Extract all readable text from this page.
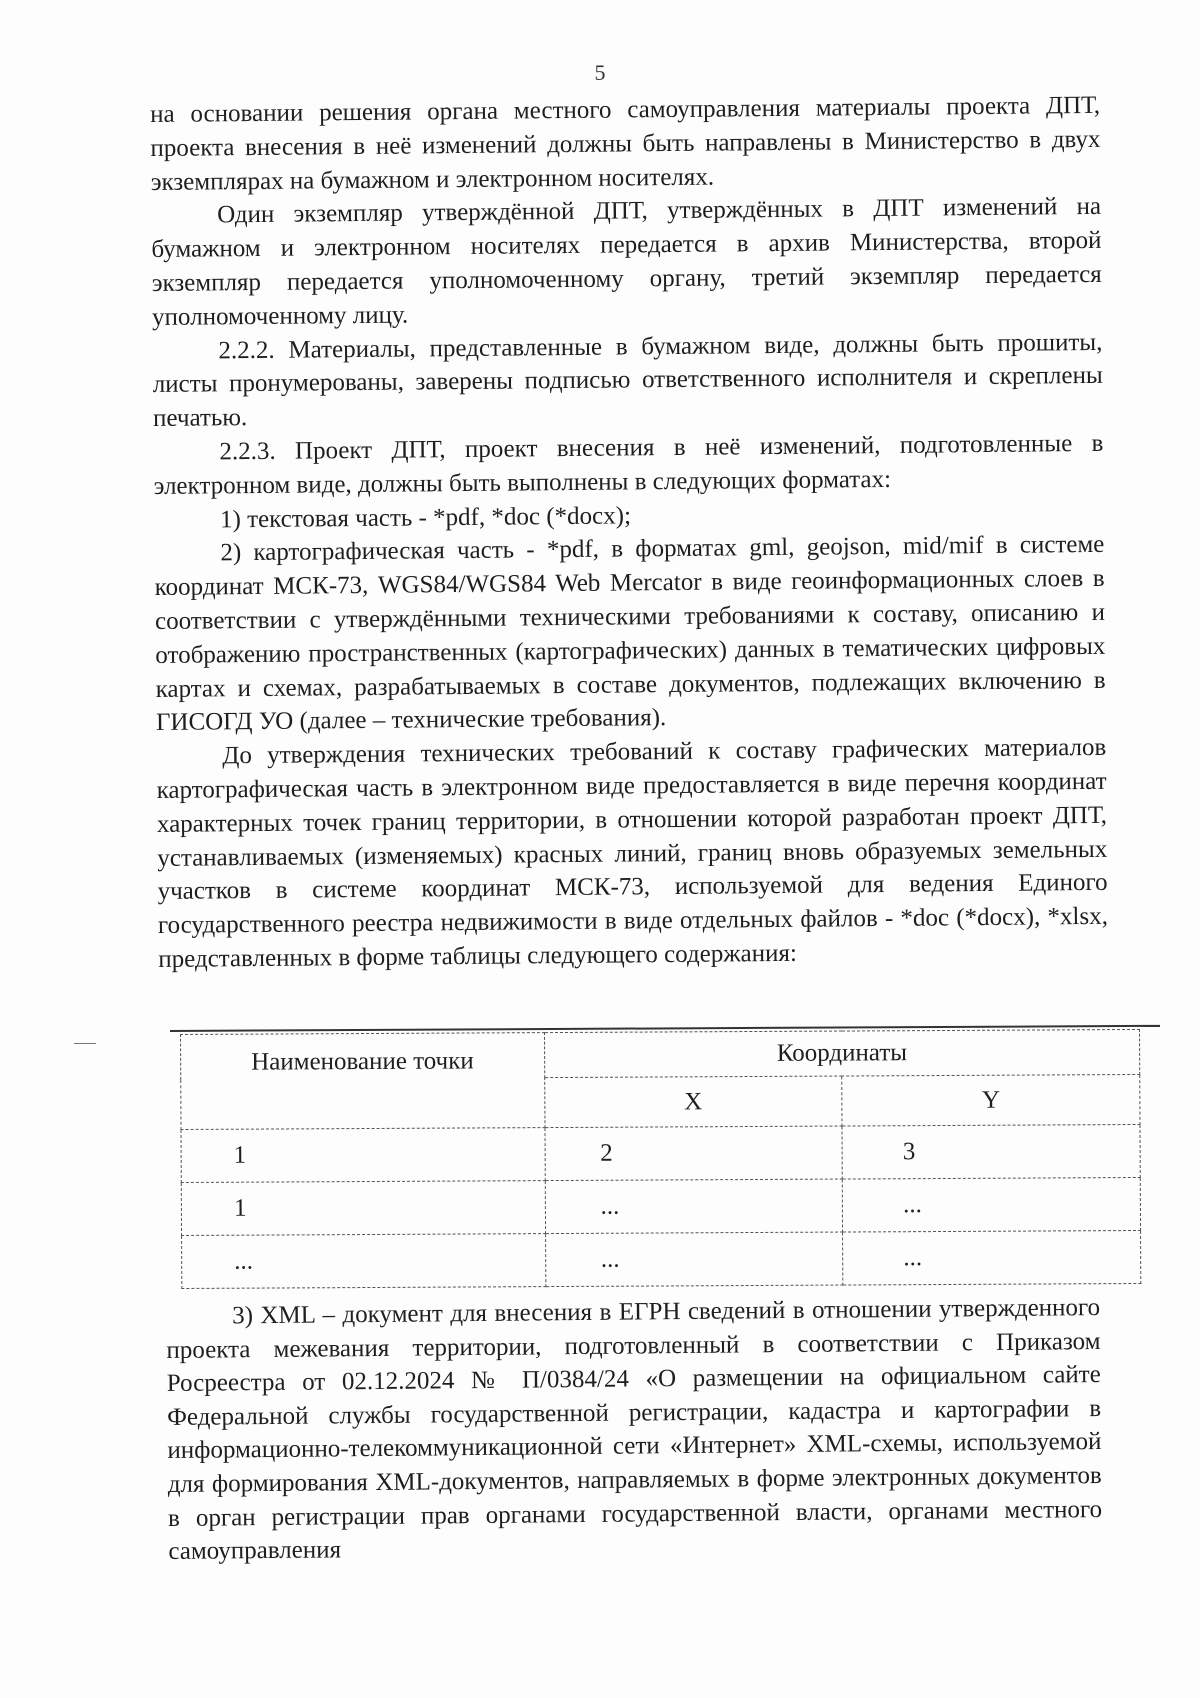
5

на основании решения органа местного самоуправления материалы проекта ДПТ, проекта внесения в неё изменений должны быть направлены в Министерство в двух экземплярах на бумажном и электронном носителях.

Один экземпляр утверждённой ДПТ, утверждённых в ДПТ изменений на бумажном и электронном носителях передается в архив Министерства, второй экземпляр передается уполномоченному органу, третий экземпляр передается уполномоченному лицу.

2.2.2. Материалы, представленные в бумажном виде, должны быть прошиты, листы пронумерованы, заверены подписью ответственного исполнителя и скреплены печатью.

2.2.3. Проект ДПТ, проект внесения в неё изменений, подготовленные в электронном виде, должны быть выполнены в следующих форматах:

1) текстовая часть - *pdf, *doc (*docx);

2) картографическая часть - *pdf, в форматах gml, geojson, mid/mif в системе координат МСК-73, WGS84/WGS84 Web Mercator в виде геоинформационных слоев в соответствии с утверждёнными техническими требованиями к составу, описанию и отображению пространственных (картографических) данных в тематических цифровых картах и схемах, разрабатываемых в составе документов, подлежащих включению в ГИСОГД УО (далее – технические требования).

До утверждения технических требований к составу графических материалов картографическая часть в электронном виде предоставляется в виде перечня координат характерных точек границ территории, в отношении которой разработан проект ДПТ, устанавливаемых (изменяемых) красных линий, границ вновь образуемых земельных участков в системе координат МСК-73, используемой для ведения Единого государственного реестра недвижимости в виде отдельных файлов - *doc (*docx), *xlsx, представленных в форме таблицы следующего содержания:

Наименование точки	Координаты	
	X	Y
1	2	3
1	...	...
...	...	...

3) XML – документ для внесения в ЕГРН сведений в отношении утвержденного проекта межевания территории, подготовленный в соответствии с Приказом Росреестра от 02.12.2024 № П/0384/24 «О размещении на официальном сайте Федеральной службы государственной регистрации, кадастра и картографии в информационно-телекоммуникационной сети «Интернет» XML-схемы, используемой для формирования XML-документов, направляемых в форме электронных документов в орган регистрации прав органами государственной власти, органами местного самоуправления
